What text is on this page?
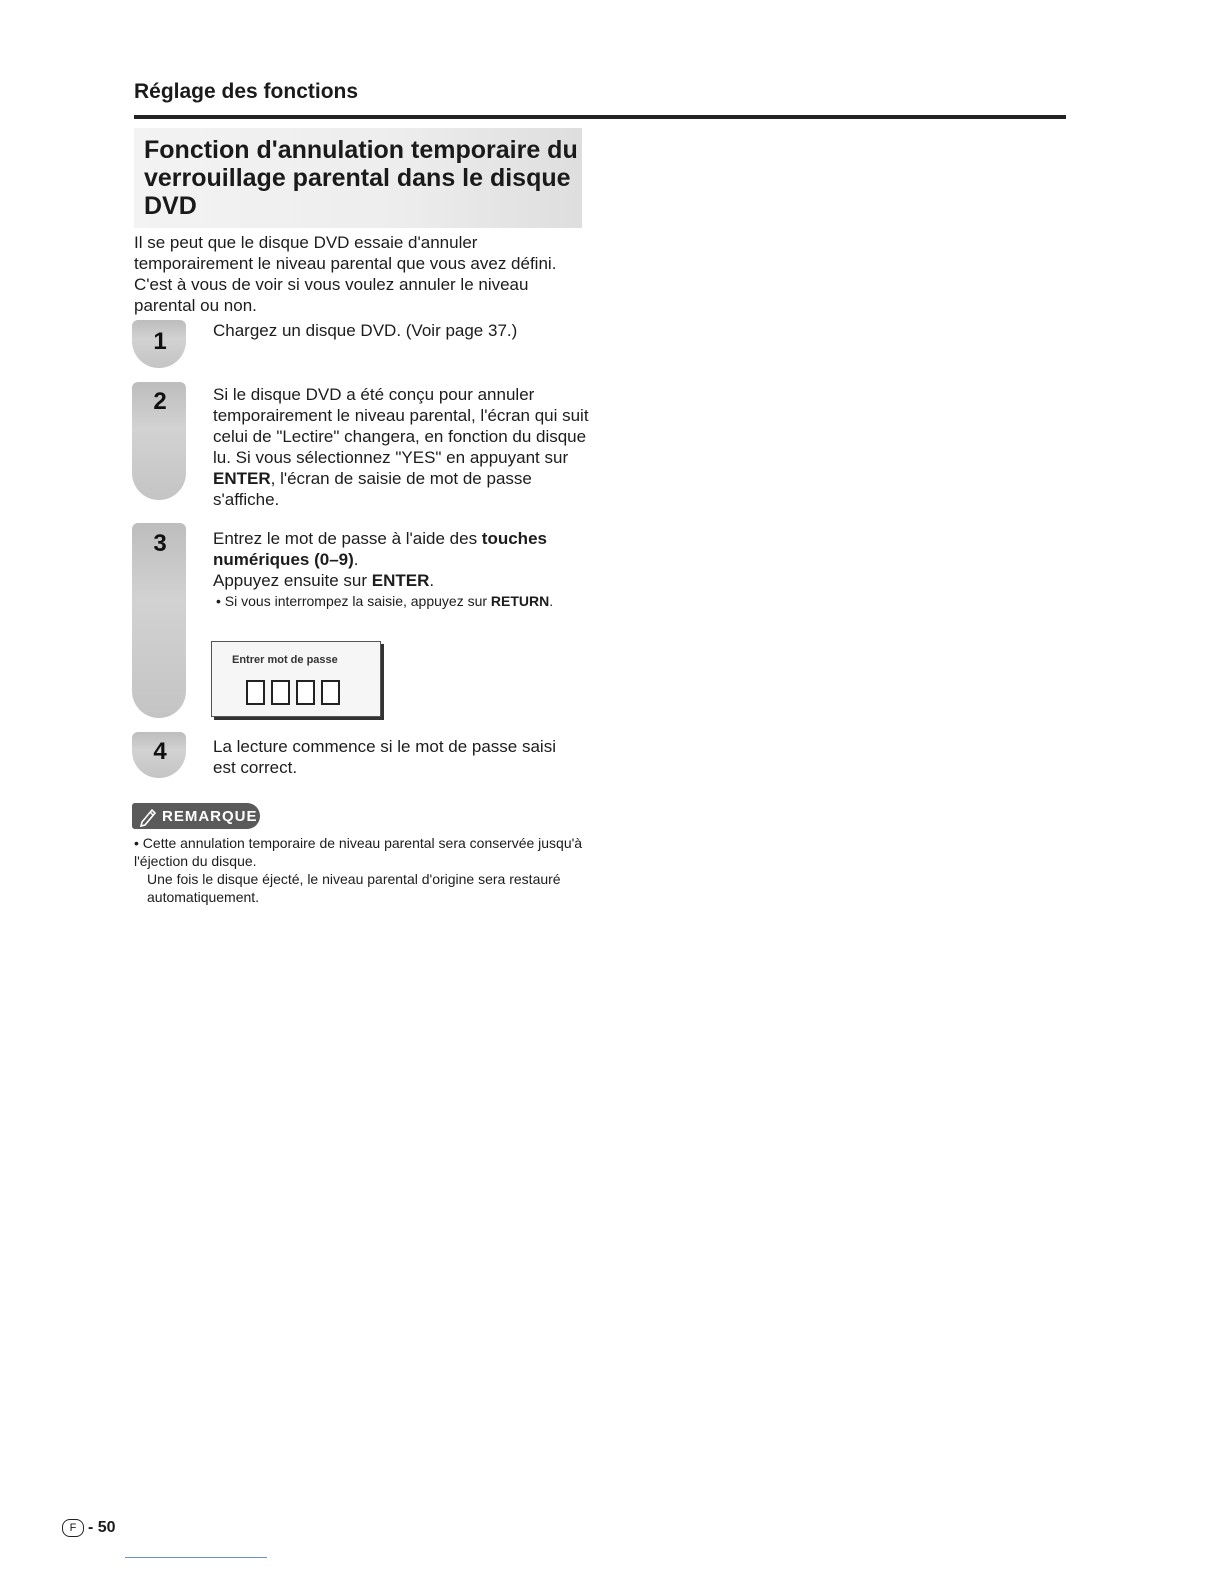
Réglage des fonctions
Fonction d'annulation temporaire du verrouillage parental dans le disque DVD
Il se peut que le disque DVD essaie d'annuler temporairement le niveau parental que vous avez défini. C'est à vous de voir si vous voulez annuler le niveau parental ou non.
1	Chargez un disque DVD. (Voir page 37.)
2	Si le disque DVD a été conçu pour annuler temporairement le niveau parental, l'écran qui suit celui de "Lectire" changera, en fonction du disque lu. Si vous sélectionnez "YES" en appuyant sur ENTER, l'écran de saisie de mot de passe s'affiche.
3	Entrez le mot de passe à l'aide des touches numériques (0–9).
Appuyez ensuite sur ENTER.
• Si vous interrompez la saisie, appuyez sur RETURN.
Entrer mot de passe
4	La lecture commence si le mot de passe saisi est correct.
REMARQUE
• Cette annulation temporaire de niveau parental sera conservée jusqu'à l'éjection du disque.
Une fois le disque éjecté, le niveau parental d'origine sera restauré automatiquement.
F - 50
